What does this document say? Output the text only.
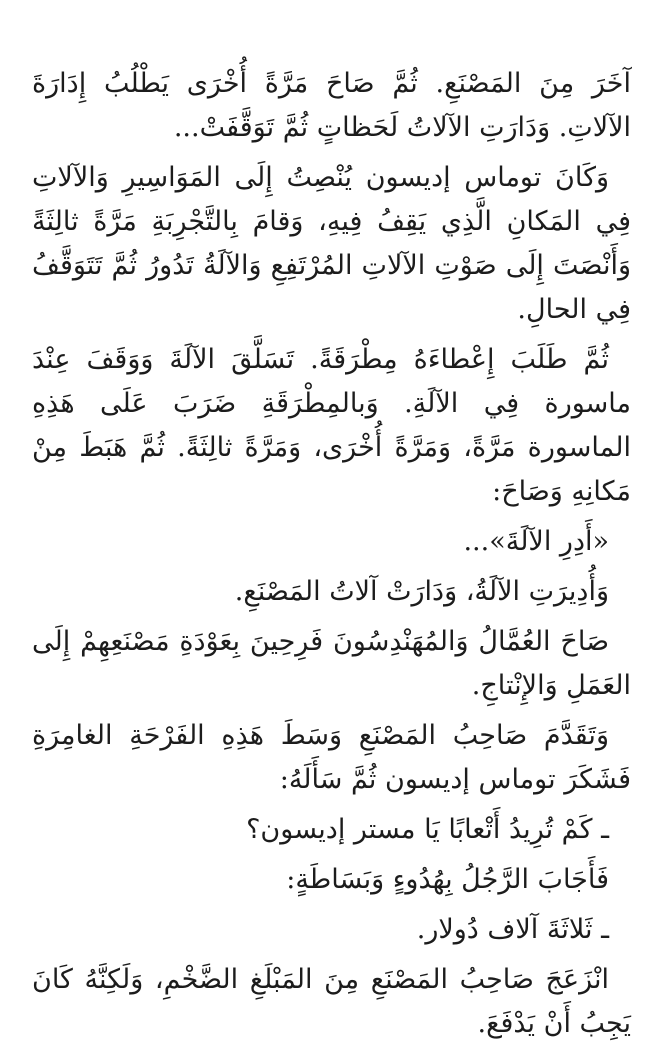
آخَرَ مِنَ المَصْنَعِ. ثُمَّ صَاحَ مَرَّةً أُخْرَى يَطْلُبُ إِدَارَةَ الآلاتِ. وَدَارَتِ الآلاتُ لَحَظاتٍ ثُمَّ تَوَقَّفَتْ...

وَكَانَ توماس إديسون يُنْصِتُ إِلَى المَوَاسِيرِ وَالآلاتِ فِي المَكانِ الَّذِي يَقِفُ فِيهِ، وَقامَ بِالتَّجْرِبَةِ مَرَّةً ثالِثَةً وَأَنْصَتَ إِلَى صَوْتِ الآلاتِ المُرْتَفِعِ وَالآلَةُ تَدُورُ ثُمَّ تَتَوَقَّفُ فِي الحالِ.

ثُمَّ طَلَبَ إِعْطاءَهُ مِطْرَقَةً. تَسَلَّقَ الآلَةَ وَوَقَفَ عِنْدَ ماسورة فِي الآلَةِ. وَبالمِطْرَقَةِ ضَرَبَ عَلَى هَذِهِ الماسورة مَرَّةً، وَمَرَّةً أُخْرَى، وَمَرَّةً ثالِثَةً. ثُمَّ هَبَطَ مِنْ مَكانِهِ وَصَاحَ:

«أَدِرِ الآلَةَ»...

وَأُدِيرَتِ الآلَةُ، وَدَارَتْ آلاتُ المَصْنَعِ.

صَاحَ العُمَّالُ وَالمُهَنْدِسُونَ فَرِحِينَ بِعَوْدَةِ مَصْنَعِهِمْ إِلَى العَمَلِ وَالإِنْتاجِ.

وَتَقَدَّمَ صَاحِبُ المَصْنَعِ وَسَطَ هَذِهِ الفَرْحَةِ الغامِرَةِ فَشَكَرَ توماس إديسون ثُمَّ سَأَلَهُ:

ـ كَمْ تُرِيدُ أَتْعابًا يَا مستر إديسون؟

فَأَجَابَ الرَّجُلُ بِهُدُوءٍ وَبَسَاطَةٍ:

ـ ثَلاثَةَ آلاف دُولار.

انْزَعَجَ صَاحِبُ المَصْنَعِ مِنَ المَبْلَغِ الضَّخْمِ، وَلَكِنَّهُ كَانَ يَجِبُ أَنْ يَدْفَعَ.
